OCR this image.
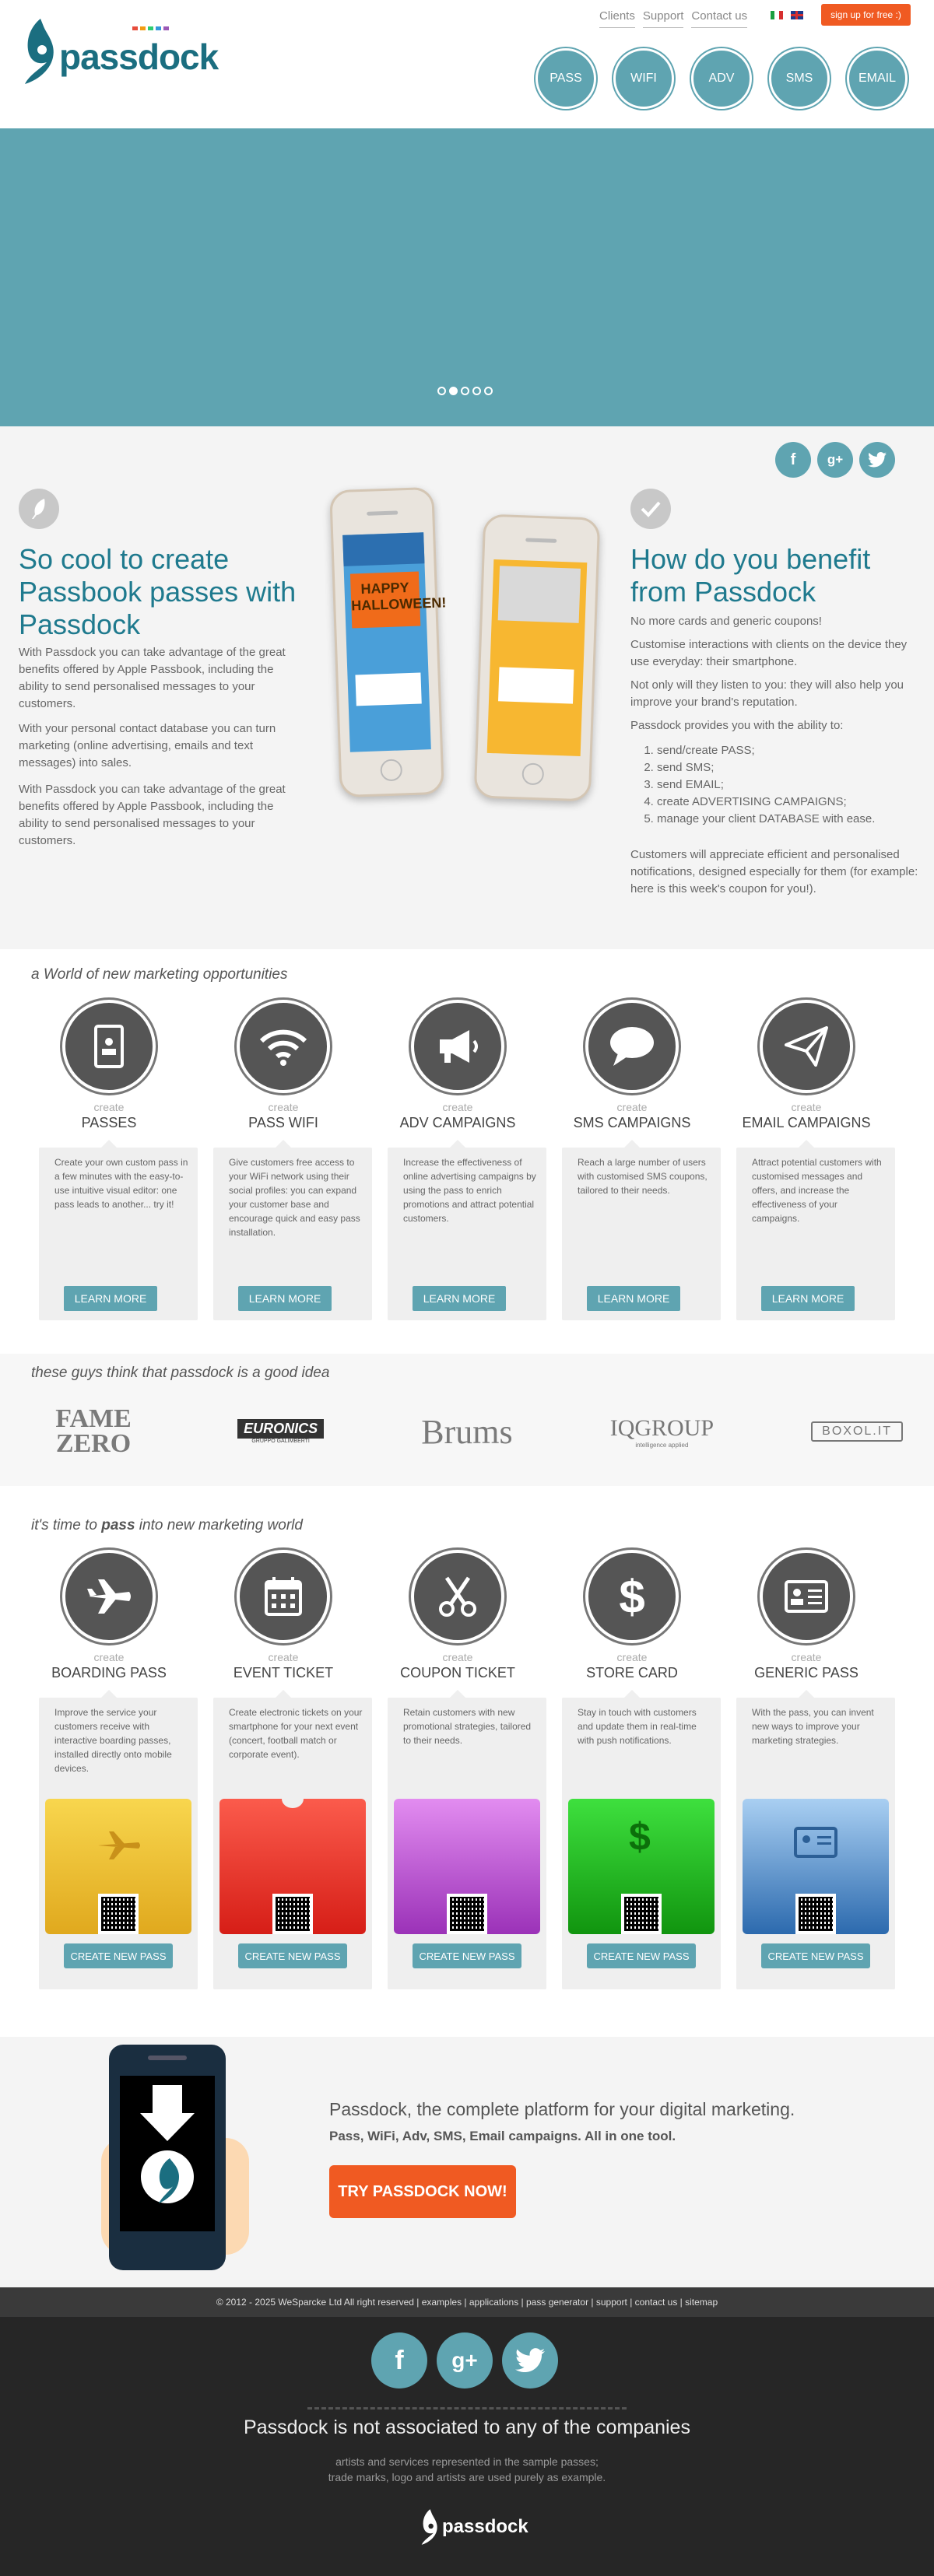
passdock
Clients Support Contact us	sign up for free :)
PASS	WIFI	ADV	SMS	EMAIL
f	g+
So cool to create Passbook passes with Passdock

With Passdock you can take advantage of the great benefits offered by Apple Passbook, including the ability to send personalised messages to your customers.

With your personal contact database you can turn marketing (online advertising, emails and text messages) into sales.

With Passdock you can take advantage of the great benefits offered by Apple Passbook, including the ability to send personalised messages to your customers.

HAPPY
HALLOWEEN!
How do you benefit from Passdock

No more cards and generic coupons!

Customise interactions with clients on the device they use everyday: their smartphone.

Not only will they listen to you: they will also help you improve your brand's reputation.

Passdock provides you with the ability to:

1. send/create PASS;
2. send SMS;
3. send EMAIL;
4. create ADVERTISING CAMPAIGNS;
5. manage your client DATABASE with ease.

Customers will appreciate efficient and personalised notifications, designed especially for them (for example: here is this week's coupon for you!).

a World of new marketing opportunities
create
PASSES

Create your own custom pass in a few minutes with the easy-to-use intuitive visual editor: one pass leads to another... try it!

LEARN MORE
create
PASS WIFI

Give customers free access to your WiFi network using their social profiles: you can expand your customer base and encourage quick and easy pass installation.

LEARN MORE
create
ADV CAMPAIGNS

Increase the effectiveness of online advertising campaigns by using the pass to enrich promotions and attract potential customers.

LEARN MORE
create
SMS CAMPAIGNS

Reach a large number of users with customised SMS coupons, tailored to their needs.

LEARN MORE
create
EMAIL CAMPAIGNS

Attract potential customers with customised messages and offers, and increase the effectiveness of your campaigns.

LEARN MORE
these guys think that passdock is a good idea
FAME ZERO
EURONICS
GRUPPO GALIMBERTI	Brums	IQGROUP
intelligence applied
BOXOL.IT
it's time to pass into new marketing world
create
BOARDING PASS

Improve the service your customers receive with interactive boarding passes, installed directly onto mobile devices.

CREATE NEW PASS
create
EVENT TICKET

Create electronic tickets on your smartphone for your next event (concert, football match or corporate event).

CREATE NEW PASS
create
COUPON TICKET

Retain customers with new promotional strategies, tailored to their needs.

CREATE NEW PASS
$
create
STORE CARD

Stay in touch with customers and update them in real-time with push notifications.

$
CREATE NEW PASS
create
GENERIC PASS

With the pass, you can invent new ways to improve your marketing strategies.

CREATE NEW PASS
Passdock, the complete platform for your digital marketing.
Pass, WiFi, Adv, SMS, Email campaigns. All in one tool.
TRY PASSDOCK NOW!
© 2012 - 2025 WeSparcke Ltd All right reserved | examples | applications | pass generator | support | contact us | sitemap
f	g+
Passdock is not associated to any of the companies
artists and services represented in the sample passes;
trade marks, logo and artists are used purely as example.
passdock
